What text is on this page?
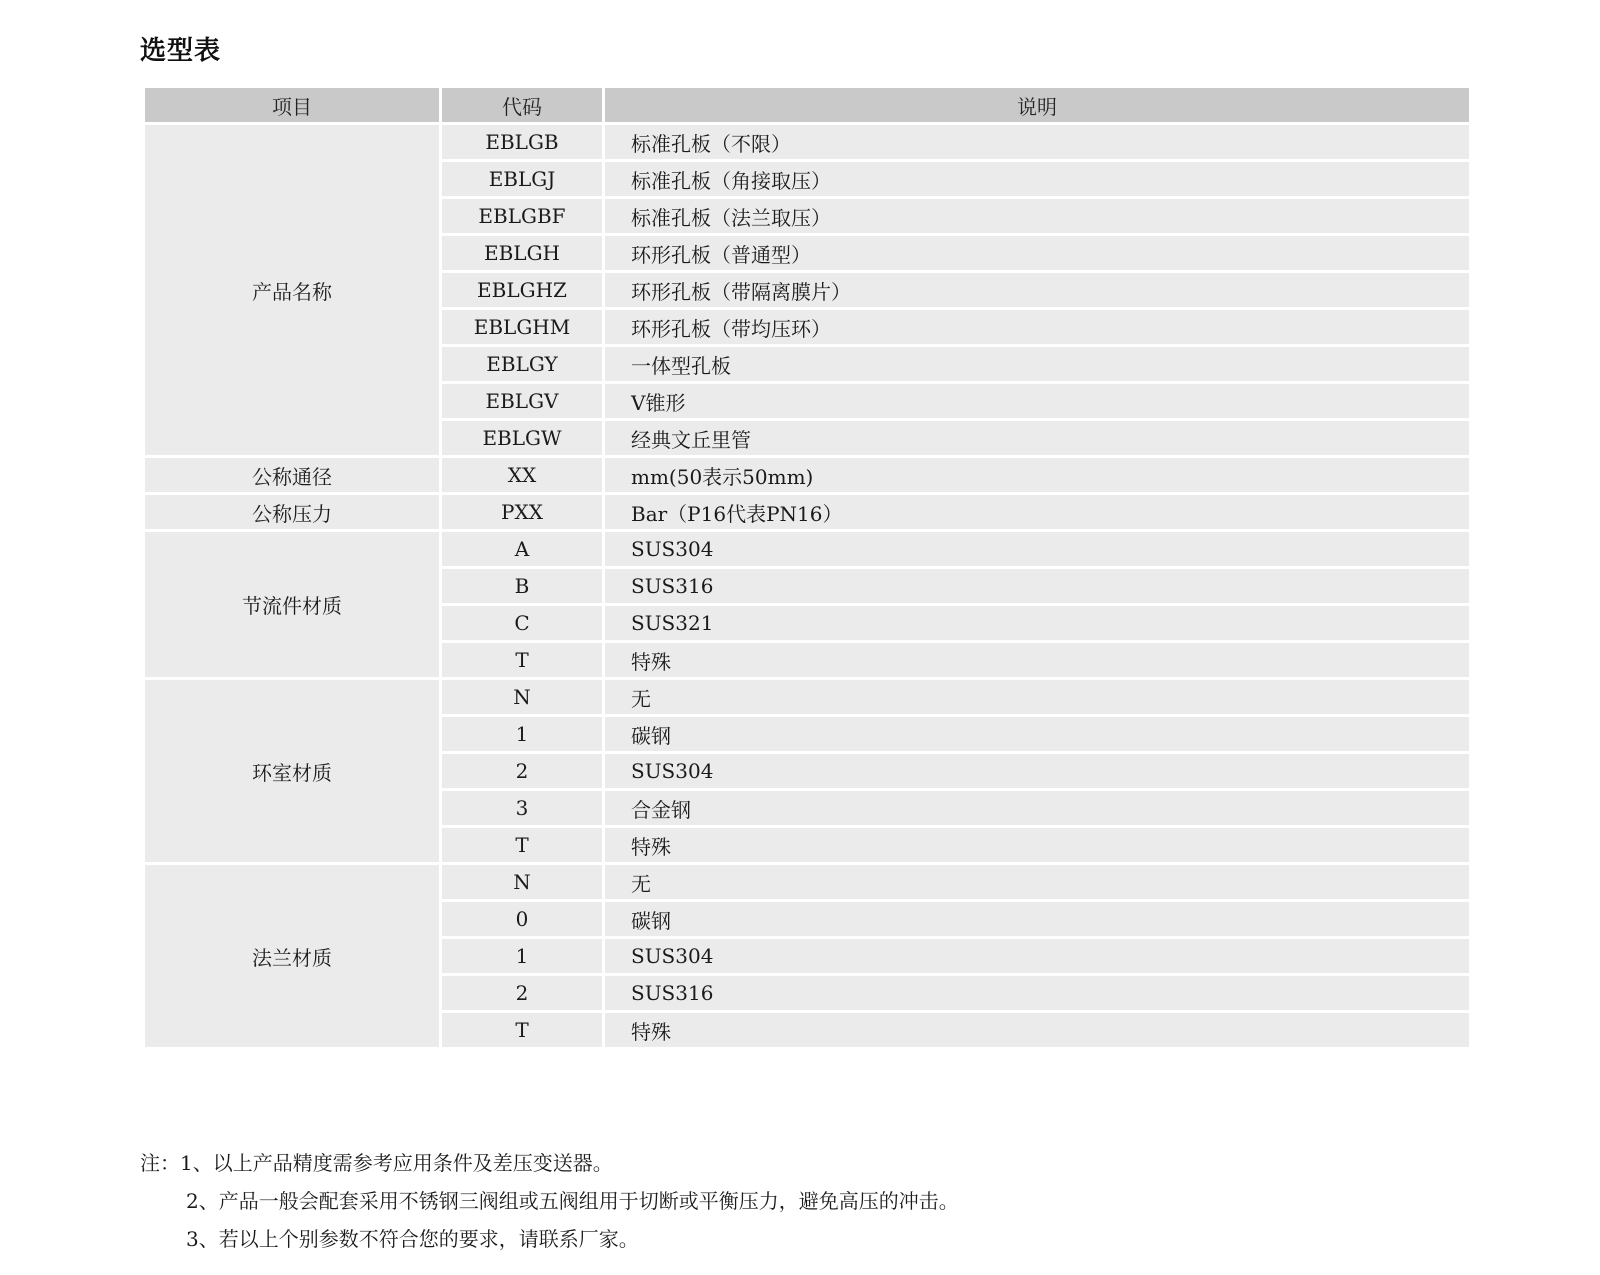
选型表
项目	代码	说明
产品名称	EBLGB	标准孔板（不限）
	EBLGJ	标准孔板（角接取压）
	EBLGBF	标准孔板（法兰取压）
	EBLGH	环形孔板（普通型）
	EBLGHZ	环形孔板（带隔离膜片）
	EBLGHM	环形孔板（带均压环）
	EBLGY	一体型孔板
	EBLGV	V锥形
	EBLGW	经典文丘里管
公称通径	XX	mm(50表示50mm)
公称压力	PXX	Bar（P16代表PN16）
节流件材质	A	SUS304
	B	SUS316
	C	SUS321
	T	特殊
环室材质	N	无
	1	碳钢
	2	SUS304
	3	合金钢
	T	特殊
法兰材质	N	无
	0	碳钢
	1	SUS304
	2	SUS316
	T	特殊
注：1、以上产品精度需参考应用条件及差压变送器。
2、产品一般会配套采用不锈钢三阀组或五阀组用于切断或平衡压力，避免高压的冲击。
3、若以上个别参数不符合您的要求，请联系厂家。
